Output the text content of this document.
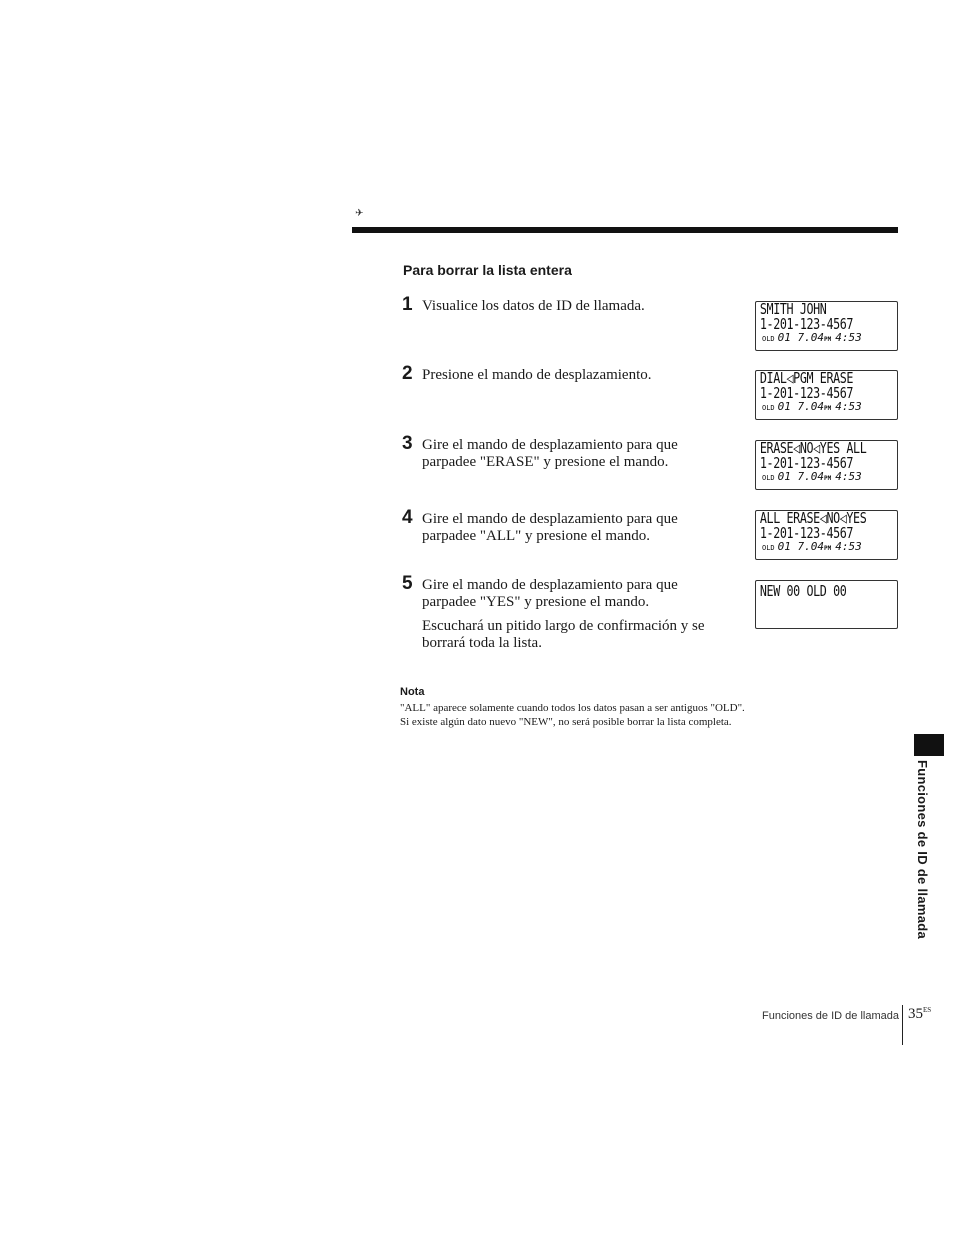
✈
Para borrar la lista entera
1 Visualice los datos de ID de llamada.
2 Presione el mando de desplazamiento.
3 Gire el mando de desplazamiento para que parpadee "ERASE" y presione el mando.
4 Gire el mando de desplazamiento para que parpadee "ALL" y presione el mando.
5 Gire el mando de desplazamiento para que parpadee "YES" y presione el mando.
Escuchará un pitido largo de confirmación y se borrará toda la lista.
SMITH JOHN
1-201-123-4567
OLD 01 7.04PM 4:53
DIAL◁PGM ERASE
1-201-123-4567
OLD 01 7.04PM 4:53
ERASE◁NO◁YES ALL
1-201-123-4567
OLD 01 7.04PM 4:53
ALL ERASE◁NO◁YES
1-201-123-4567
OLD 01 7.04PM 4:53
NEW 00 OLD 00
Nota
"ALL" aparece solamente cuando todos los datos pasan a ser antiguos "OLD".
Si existe algún dato nuevo "NEW", no será posible borrar la lista completa.
Funciones de ID de llamada
Funciones de ID de llamada $35^{ES}$
